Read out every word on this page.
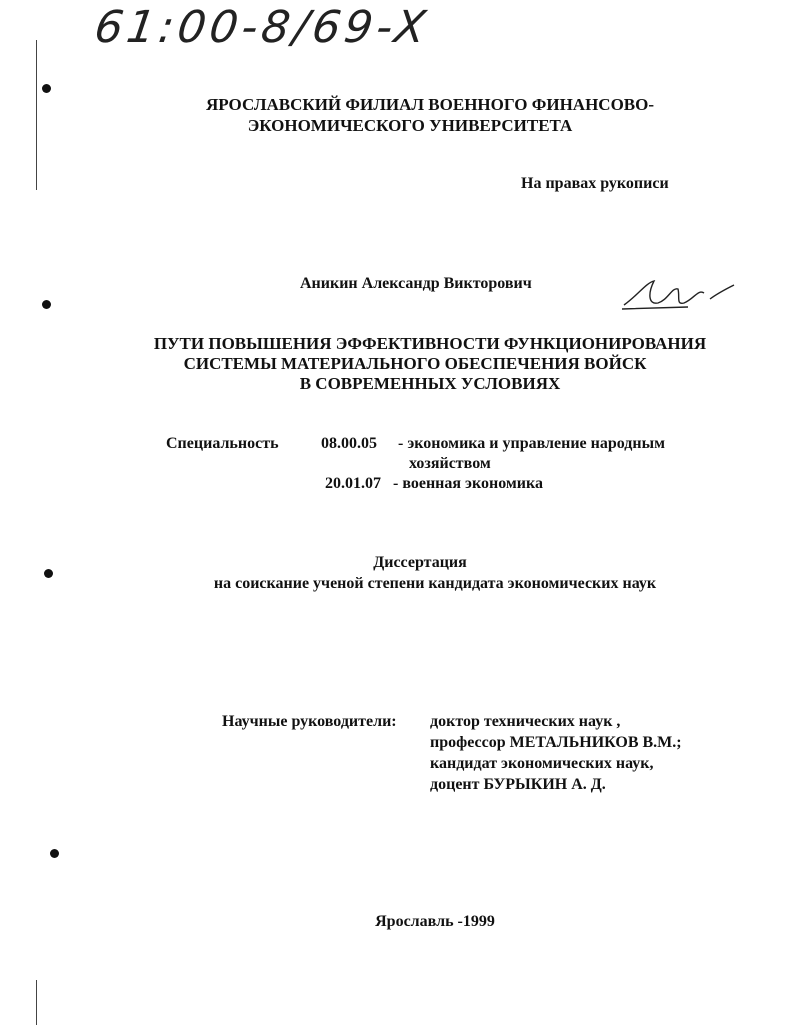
61:00-8/69-X
ЯРОСЛАВСКИЙ ФИЛИАЛ ВОЕННОГО ФИНАНСОВО-
ЭКОНОМИЧЕСКОГО УНИВЕРСИТЕТА
На правах рукописи
Аникин Александр Викторович
ПУТИ ПОВЫШЕНИЯ ЭФФЕКТИВНОСТИ ФУНКЦИОНИРОВАНИЯ
СИСТЕМЫ МАТЕРИАЛЬНОГО ОБЕСПЕЧЕНИЯ ВОЙСК
В СОВРЕМЕННЫХ УСЛОВИЯХ
Специальность	08.00.05 - экономика и управление народным
хозяйством
20.01.07 - военная экономика
Диссертация
на соискание ученой степени кандидата экономических наук
Научные руководители: доктор технических наук ,
профессор МЕТАЛЬНИКОВ В.М.;
кандидат экономических наук,
доцент БУРЫКИН А. Д.
Ярославль -1999
